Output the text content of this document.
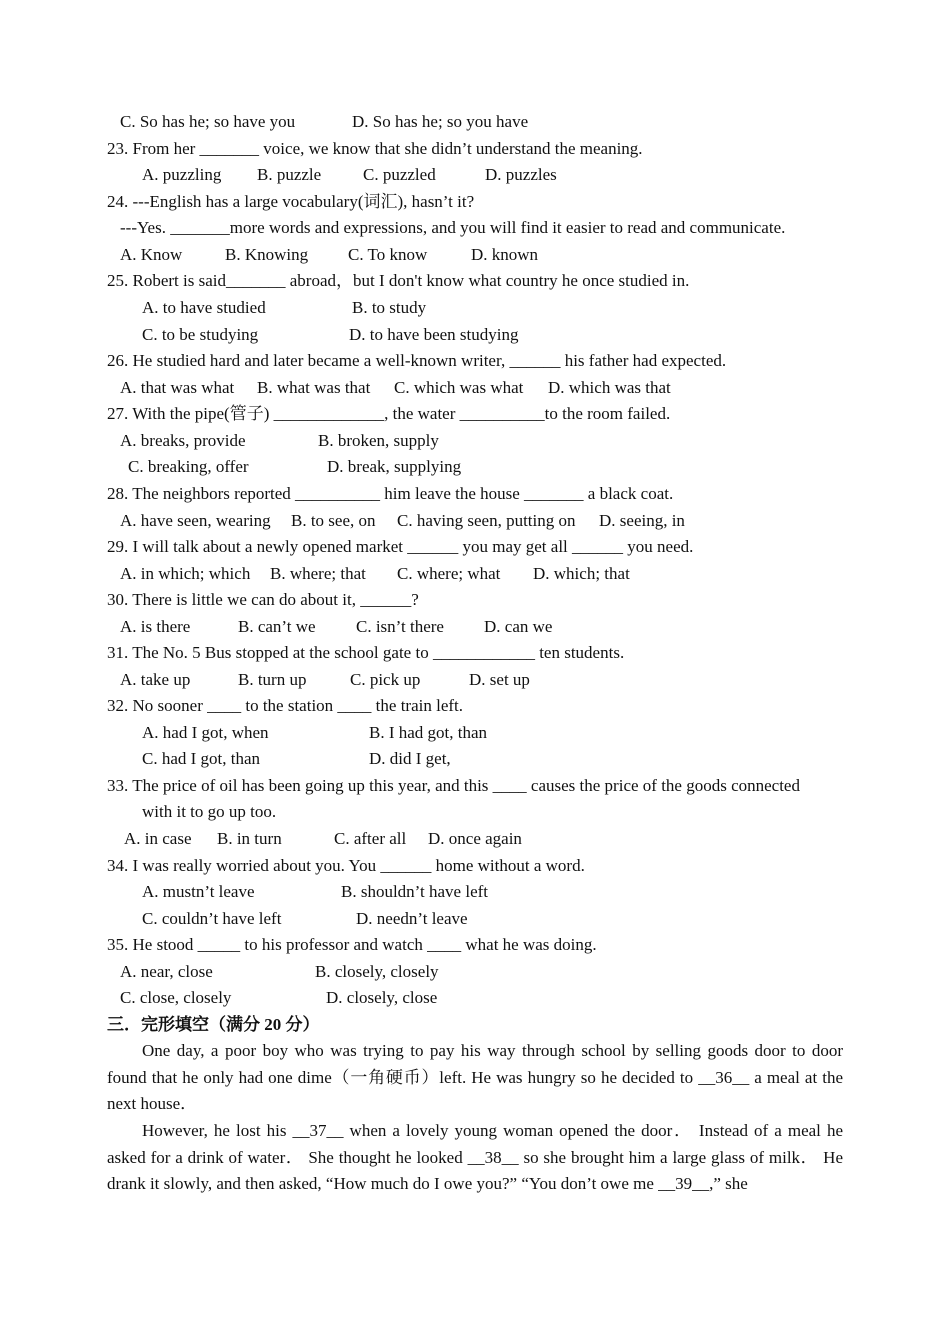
C. So has he; so have you	D. So has he; so you have
23. From her _______ voice, we know that she didn’t understand the meaning.
A. puzzling B. puzzle C. puzzled	D. puzzles
24. ---English has a large vocabulary(词汇), hasn’t it?
---Yes. _______more words and expressions, and you will find it easier to read and communicate.
A. Know	B. Knowing C. To know	D. known
25. Robert is said_______ abroad，but I don't know what country he once studied in.
A. to have studied	B. to study
C. to be studying	D. to have been studying
26. He studied hard and later became a well-known writer, ______ his father had expected.
A. that was what B. what was that C. which was what D. which was that
27. With the pipe(管子) _____________, the water __________to the room failed.
A. breaks, provide	B. broken, supply
C. breaking, offer	D. break, supplying
28. The neighbors reported __________ him leave the house _______ a black coat.
A. have seen, wearing B. to see, on C. having seen, putting on D. seeing, in
29. I will talk about a newly opened market ______ you may get all ______ you need.
A. in which; which B. where; that C. where; what D. which; that
30. There is little we can do about it, ______?
A. is there	B. can’t we C. isn’t there D. can we
31. The No. 5 Bus stopped at the school gate to ____________ ten students.
A. take up	B. turn up	C. pick up	D. set up
32. No sooner ____ to the station ____ the train left.
A. had I got, when	B. I had got, than
C. had I got, than	D. did I get,
33. The price of oil has been going up this year, and this ____ causes the price of the goods connected
with it to go up too.
A. in case B. in turn	C. after all D. once again
34. I was really worried about you. You ______ home without a word.
A. mustn’t leave	B. shouldn’t have left
C. couldn’t have left	D. needn’t leave
35. He stood _____ to his professor and watch ____ what he was doing.
A. near, close	B. closely, closely
C. close, closely	D. closely, close
三．完形填空（满分 20 分）
One day, a poor boy who was trying to pay his way through school by selling goods door to door found that he only had one dime（一角硬币）left. He was hungry so he decided to __36__ a meal at the next house．
However, he lost his __37__ when a lovely young woman opened the door． Instead of a meal he asked for a drink of water． She thought he looked __38__ so she brought him a large glass of milk． He drank it slowly, and then asked, “How much do I owe you?” “You don’t owe me __39__,” she
